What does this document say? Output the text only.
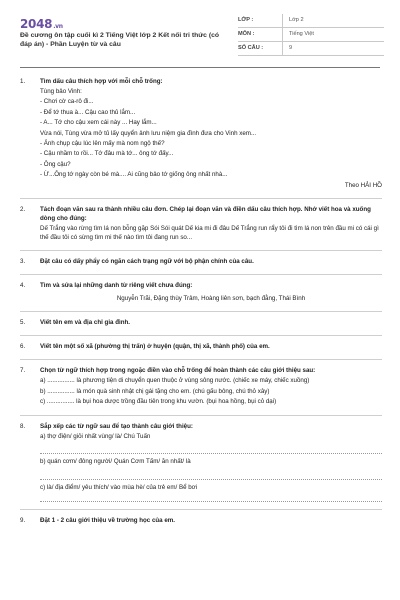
2048.vn
Đề cương ôn tập cuối kì 2 Tiếng Việt lớp 2 Kết nối tri thức (có đáp án) - Phần Luyện từ và câu
LỚP :	Lớp 2
MÔN :	Tiếng Việt
SỐ CÂU :	9
1.	Tìm dấu câu thích hợp với mỗi chỗ trống:
Tùng bảo Vinh:
- Chơi cờ ca-rô đi...
- Để tớ thua à... Cậu cao thủ lắm...
- A... Tớ cho cậu xem cái này ... Hay lắm...
Vừa nói, Tùng vừa mở tủ lấy quyển ảnh lưu niệm gia đình đưa cho Vinh xem...
- Ảnh chụp cậu lúc lên mấy mà nom ngộ thế?
- Cậu nhầm to rồi... Tớ đâu mà tớ... ông tớ đấy...
- Ông cậu?
- Ừ...Ông tớ ngày còn bé mà.... Ai cũng bảo tớ giống ông nhất nhà...
Theo HẢI HỒ
2.	Tách đoạn văn sau ra thành nhiều câu đơn. Chép lại đoạn văn và điền dấu câu thích hợp. Nhớ viết hoa và xuống dòng cho đúng:
Dế Trắng vào rừng tìm lá non bỗng gặp Sói Sói quát Dế kia mi đi đâu Dế Trắng run rẩy tôi đi tìm lá non trên đầu mi có cái gì thế đầu tôi có sừng tìm mi thế nào tìm tôi đang run so...
3.	Đặt câu có dấy phẩy có ngăn cách trạng ngữ với bộ phận chính của câu.
4.	Tìm và sửa lại những danh từ riêng viết chưa đúng:
Nguyễn Trãi, Đặng thùy Trâm, Hoàng liên sơn, bạch đằng, Thái Bình
5.	Viết tên em và địa chỉ gia đình.
6.	Viết tên một số xã (phường thị trấn) ở huyện (quận, thị xã, thành phố) của em.
7.	Chọn từ ngữ thích hợp trong ngoặc điền vào chỗ trống để hoàn thành các câu giới thiệu sau:
a) ................ là phương tiện di chuyển quen thuộc ở vùng sông nước. (chiếc xe máy, chiếc xuồng)
b) ................ là món quà sinh nhật chị gái tặng cho em. (chú gấu bông, chú thỏ xây)
c) ................ là bụi hoa dược trồng đầu tiên trong khu vườn. (bụi hoa hồng, bụi cỏ dại)
8.	Sắp xếp các từ ngữ sau để tạo thành câu giới thiệu:
a) thợ điện/ giỏi nhất vùng/ là/ Chú Tuấn
b) quán cơm/ đông người/ Quán Cơm Tấm/ ăn nhất/ là
c) là/ địa điểm/ yêu thích/ vào mùa hè/ của trẻ em/ Bể bơi
9.	Đặt 1 - 2 câu giới thiệu về trường học của em.
